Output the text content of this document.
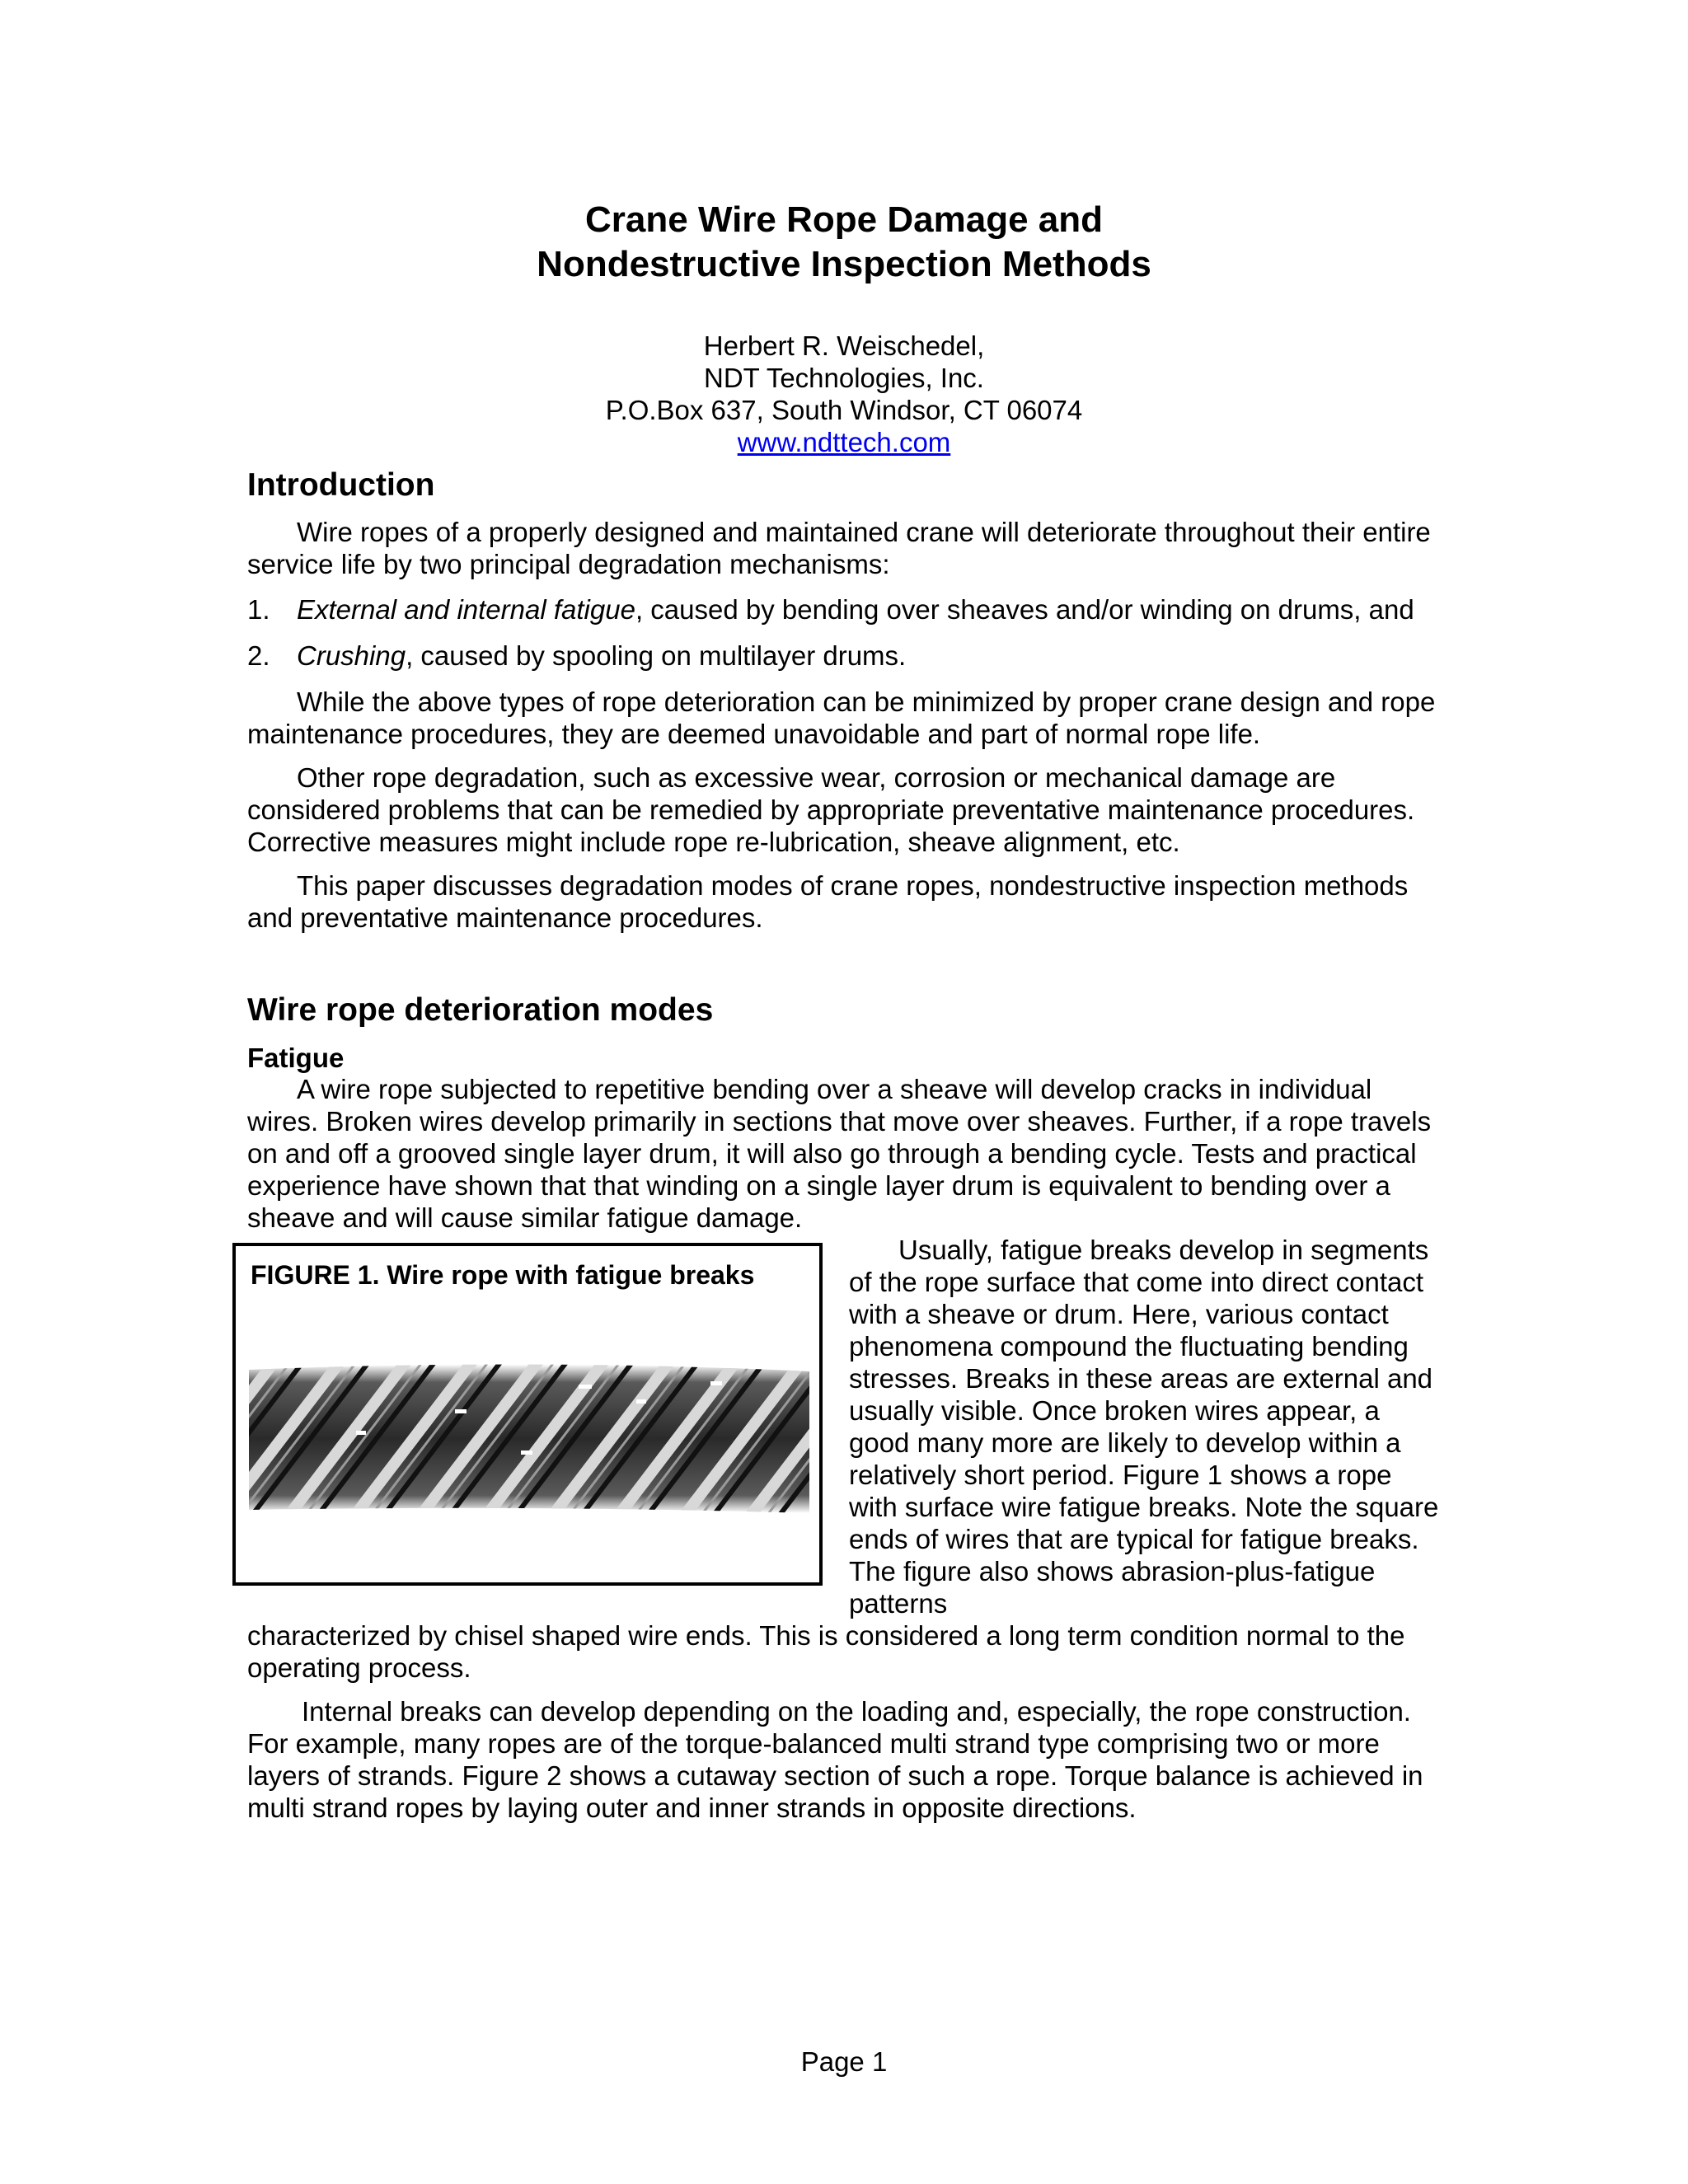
Crane Wire Rope Damage and
Nondestructive Inspection Methods
Herbert R. Weischedel,
NDT Technologies, Inc.
P.O.Box 637, South Windsor, CT 06074
www.ndttech.com
Introduction

Wire ropes of a properly designed and maintained crane will deteriorate throughout their entire service life by two principal degradation mechanisms:

1. External and internal fatigue, caused by bending over sheaves and/or winding on drums, and

2. Crushing, caused by spooling on multilayer drums.

While the above types of rope deterioration can be minimized by proper crane design and rope maintenance procedures, they are deemed unavoidable and part of normal rope life.

Other rope degradation, such as excessive wear, corrosion or mechanical damage are considered problems that can be remedied by appropriate preventative maintenance procedures. Corrective measures might include rope re-lubrication, sheave alignment, etc.

This paper discusses degradation modes of crane ropes, nondestructive inspection methods and preventative maintenance procedures.

Wire rope deterioration modes
Fatigue

A wire rope subjected to repetitive bending over a sheave will develop cracks in individual wires. Broken wires develop primarily in sections that move over sheaves. Further, if a rope travels on and off a grooved single layer drum, it will also go through a bending cycle. Tests and practical experience have shown that that winding on a single layer drum is equivalent to bending over a sheave and will cause similar fatigue damage.

FIGURE 1. Wire rope with fatigue breaks

Usually, fatigue breaks develop in segments of the rope surface that come into direct contact with a sheave or drum. Here, various contact phenomena compound the fluctuating bending stresses. Breaks in these areas are external and usually visible. Once broken wires appear, a good many more are likely to develop within a relatively short period. Figure 1 shows a rope with surface wire fatigue breaks. Note the square ends of wires that are typical for fatigue breaks. The figure also shows abrasion-plus-fatigue patterns

characterized by chisel shaped wire ends. This is considered a long term condition normal to the operating process.

Internal breaks can develop depending on the loading and, especially, the rope construction. For example, many ropes are of the torque-balanced multi strand type comprising two or more layers of strands. Figure 2 shows a cutaway section of such a rope. Torque balance is achieved in multi strand ropes by laying outer and inner strands in opposite directions.

Page 1
